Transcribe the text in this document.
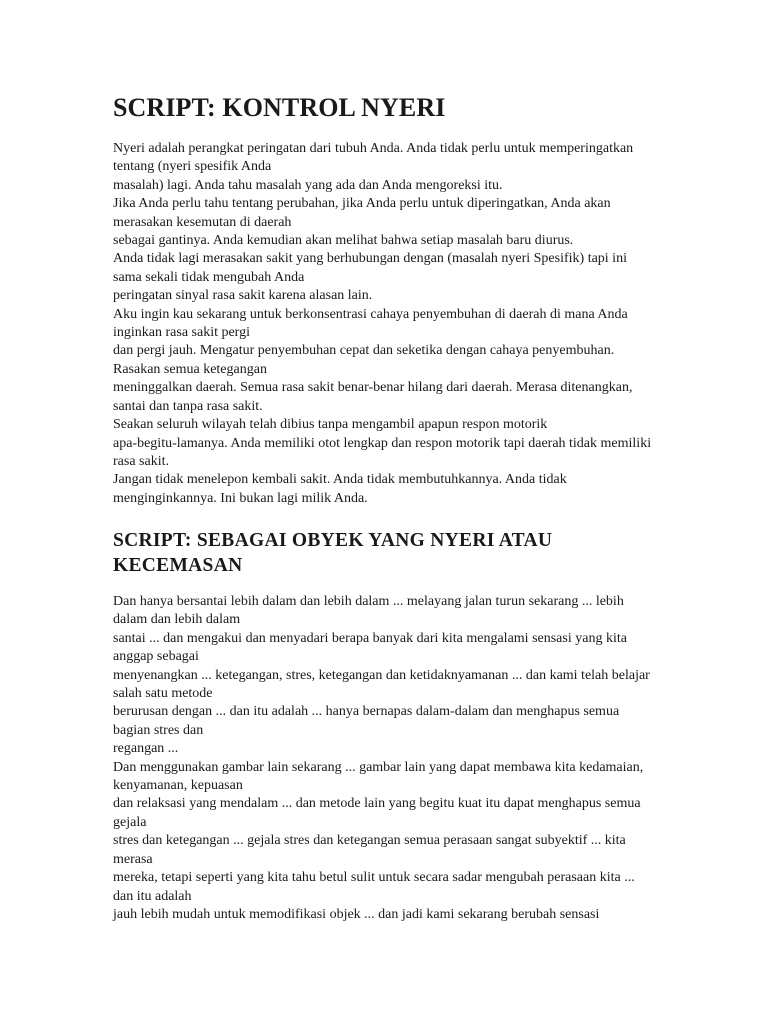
SCRIPT: KONTROL NYERI
Nyeri adalah perangkat peringatan dari tubuh Anda. Anda tidak perlu untuk memperingatkan tentang (nyeri spesifik Anda
masalah) lagi. Anda tahu masalah yang ada dan Anda mengoreksi itu.
Jika Anda perlu tahu tentang perubahan, jika Anda perlu untuk diperingatkan, Anda akan merasakan kesemutan di daerah
sebagai gantinya. Anda kemudian akan melihat bahwa setiap masalah baru diurus.
Anda tidak lagi merasakan sakit yang berhubungan dengan (masalah nyeri Spesifik) tapi ini sama sekali tidak mengubah Anda
peringatan sinyal rasa sakit karena alasan lain.
Aku ingin kau sekarang untuk berkonsentrasi cahaya penyembuhan di daerah di mana Anda inginkan rasa sakit pergi
dan pergi jauh. Mengatur penyembuhan cepat dan seketika dengan cahaya penyembuhan. Rasakan semua ketegangan
meninggalkan daerah. Semua rasa sakit benar-benar hilang dari daerah. Merasa ditenangkan, santai dan tanpa rasa sakit.
Seakan seluruh wilayah telah dibius tanpa mengambil apapun respon motorik
apa-begitu-lamanya. Anda memiliki otot lengkap dan respon motorik tapi daerah tidak memiliki rasa sakit.
Jangan tidak menelepon kembali sakit. Anda tidak membutuhkannya. Anda tidak menginginkannya. Ini bukan lagi milik Anda.
SCRIPT: SEBAGAI OBYEK YANG NYERI ATAU KECEMASAN
Dan hanya bersantai lebih dalam dan lebih dalam ... melayang jalan turun sekarang ... lebih dalam dan lebih dalam
santai ... dan mengakui dan menyadari berapa banyak dari kita mengalami sensasi yang kita anggap sebagai
menyenangkan ... ketegangan, stres, ketegangan dan ketidaknyamanan ... dan kami telah belajar salah satu metode
berurusan dengan ... dan itu adalah ... hanya bernapas dalam-dalam dan menghapus semua bagian stres dan
regangan ...
Dan menggunakan gambar lain sekarang ... gambar lain yang dapat membawa kita kedamaian, kenyamanan, kepuasan
dan relaksasi yang mendalam ... dan metode lain yang begitu kuat itu dapat menghapus semua gejala
stres dan ketegangan ... gejala stres dan ketegangan semua perasaan sangat subyektif ... kita merasa
mereka, tetapi seperti yang kita tahu betul sulit untuk secara sadar mengubah perasaan kita ... dan itu adalah
jauh lebih mudah untuk memodifikasi objek ... dan jadi kami sekarang berubah sensasi
